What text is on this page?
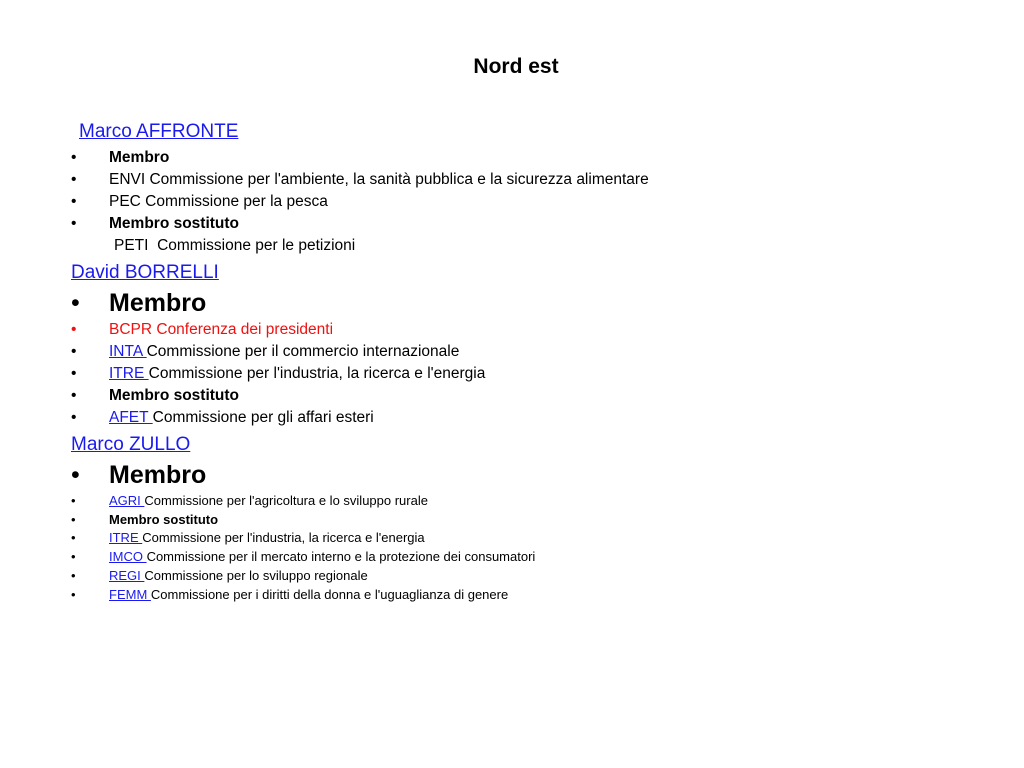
Nord est
Marco AFFRONTE
• Membro
• ENVI Commissione per l'ambiente, la sanità pubblica e la sicurezza alimentare
• PEC Commissione per la pesca
• Membro sostituto
PETI  Commissione per le petizioni
David BORRELLI
• Membro
• BCPR Conferenza dei presidenti
• INTA Commissione per il commercio internazionale
• ITRE Commissione per l'industria, la ricerca e l'energia
• Membro sostituto
• AFET Commissione per gli affari esteri
Marco ZULLO
• Membro
•	AGRI Commissione per l'agricoltura e lo sviluppo rurale
•	Membro sostituto
•	ITRE Commissione per l'industria, la ricerca e l'energia
•	IMCO Commissione per il mercato interno e la protezione dei consumatori
•	REGI Commissione per lo sviluppo regionale
•	FEMM Commissione per i diritti della donna e l'uguaglianza di genere
